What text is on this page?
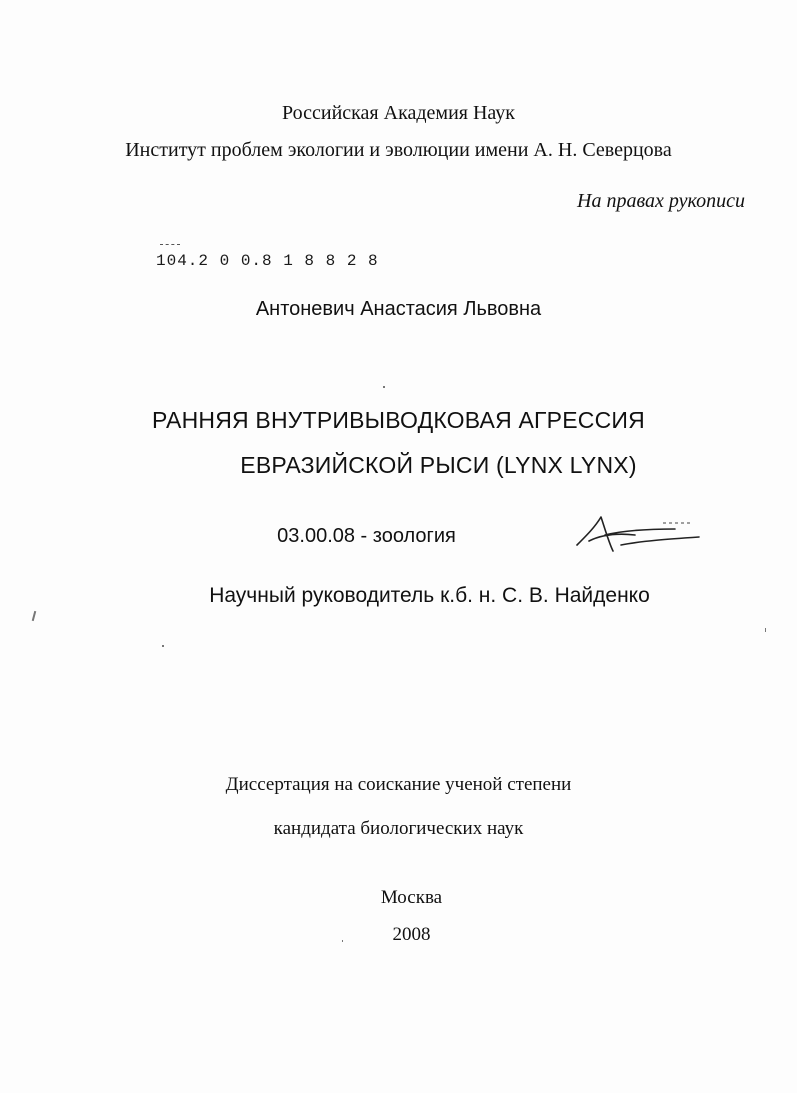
Российская Академия Наук
Институт проблем экологии и эволюции имени А. Н. Северцова
На правах рукописи
104.2 0 0.8 1 8 8 2 8
Антоневич Анастасия Львовна
РАННЯЯ ВНУТРИВЫВОДКОВАЯ АГРЕССИЯ
ЕВРАЗИЙСКОЙ РЫСИ (LYNX LYNX)
03.00.08 - зоология
Научный руководитель к.б. н. С. В. Найденко
Диссертация на соискание ученой степени
кандидата биологических наук
Москва
2008
